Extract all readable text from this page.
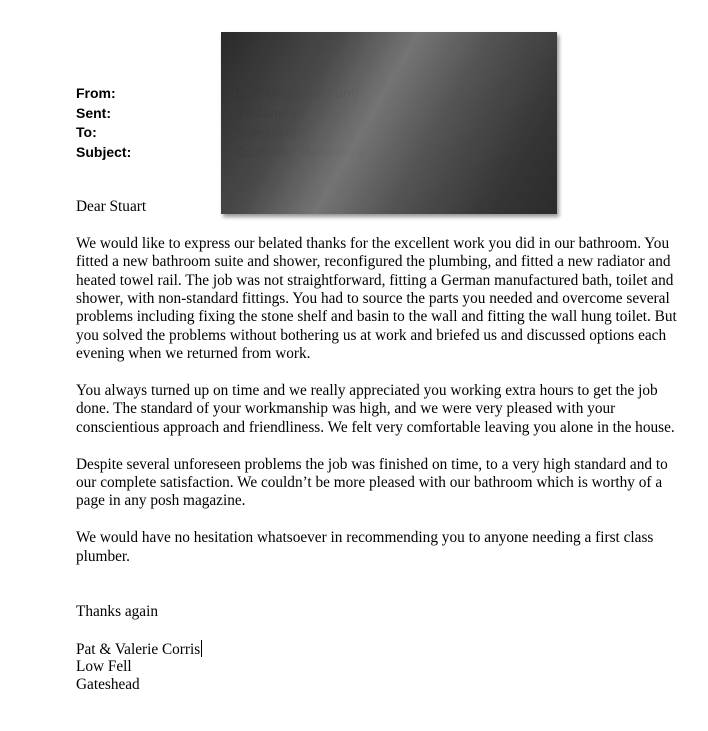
From:
Sent:
To:
Subject:

Dear Stuart

We would like to express our belated thanks for the excellent work you did in our bathroom. You fitted a new bathroom suite and shower, reconfigured the plumbing, and fitted a new radiator and heated towel rail. The job was not straightforward, fitting a German manufactured bath, toilet and shower, with non-standard fittings. You had to source the parts you needed and overcome several problems including fixing the stone shelf and basin to the wall and fitting the wall hung toilet. But you solved the problems without bothering us at work and briefed us and discussed options each evening when we returned from work.

You always turned up on time and we really appreciated you working extra hours to get the job done. The standard of your workmanship was high, and we were very pleased with your conscientious approach and friendliness. We felt very comfortable leaving you alone in the house.

Despite several unforeseen problems the job was finished on time, to a very high standard and to our complete satisfaction. We couldn’t be more pleased with our bathroom which is worthy of a page in any posh magazine.

We would have no hesitation whatsoever in recommending you to anyone needing a first class plumber.

Thanks again

Pat & Valerie Corris
Low Fell
Gateshead
